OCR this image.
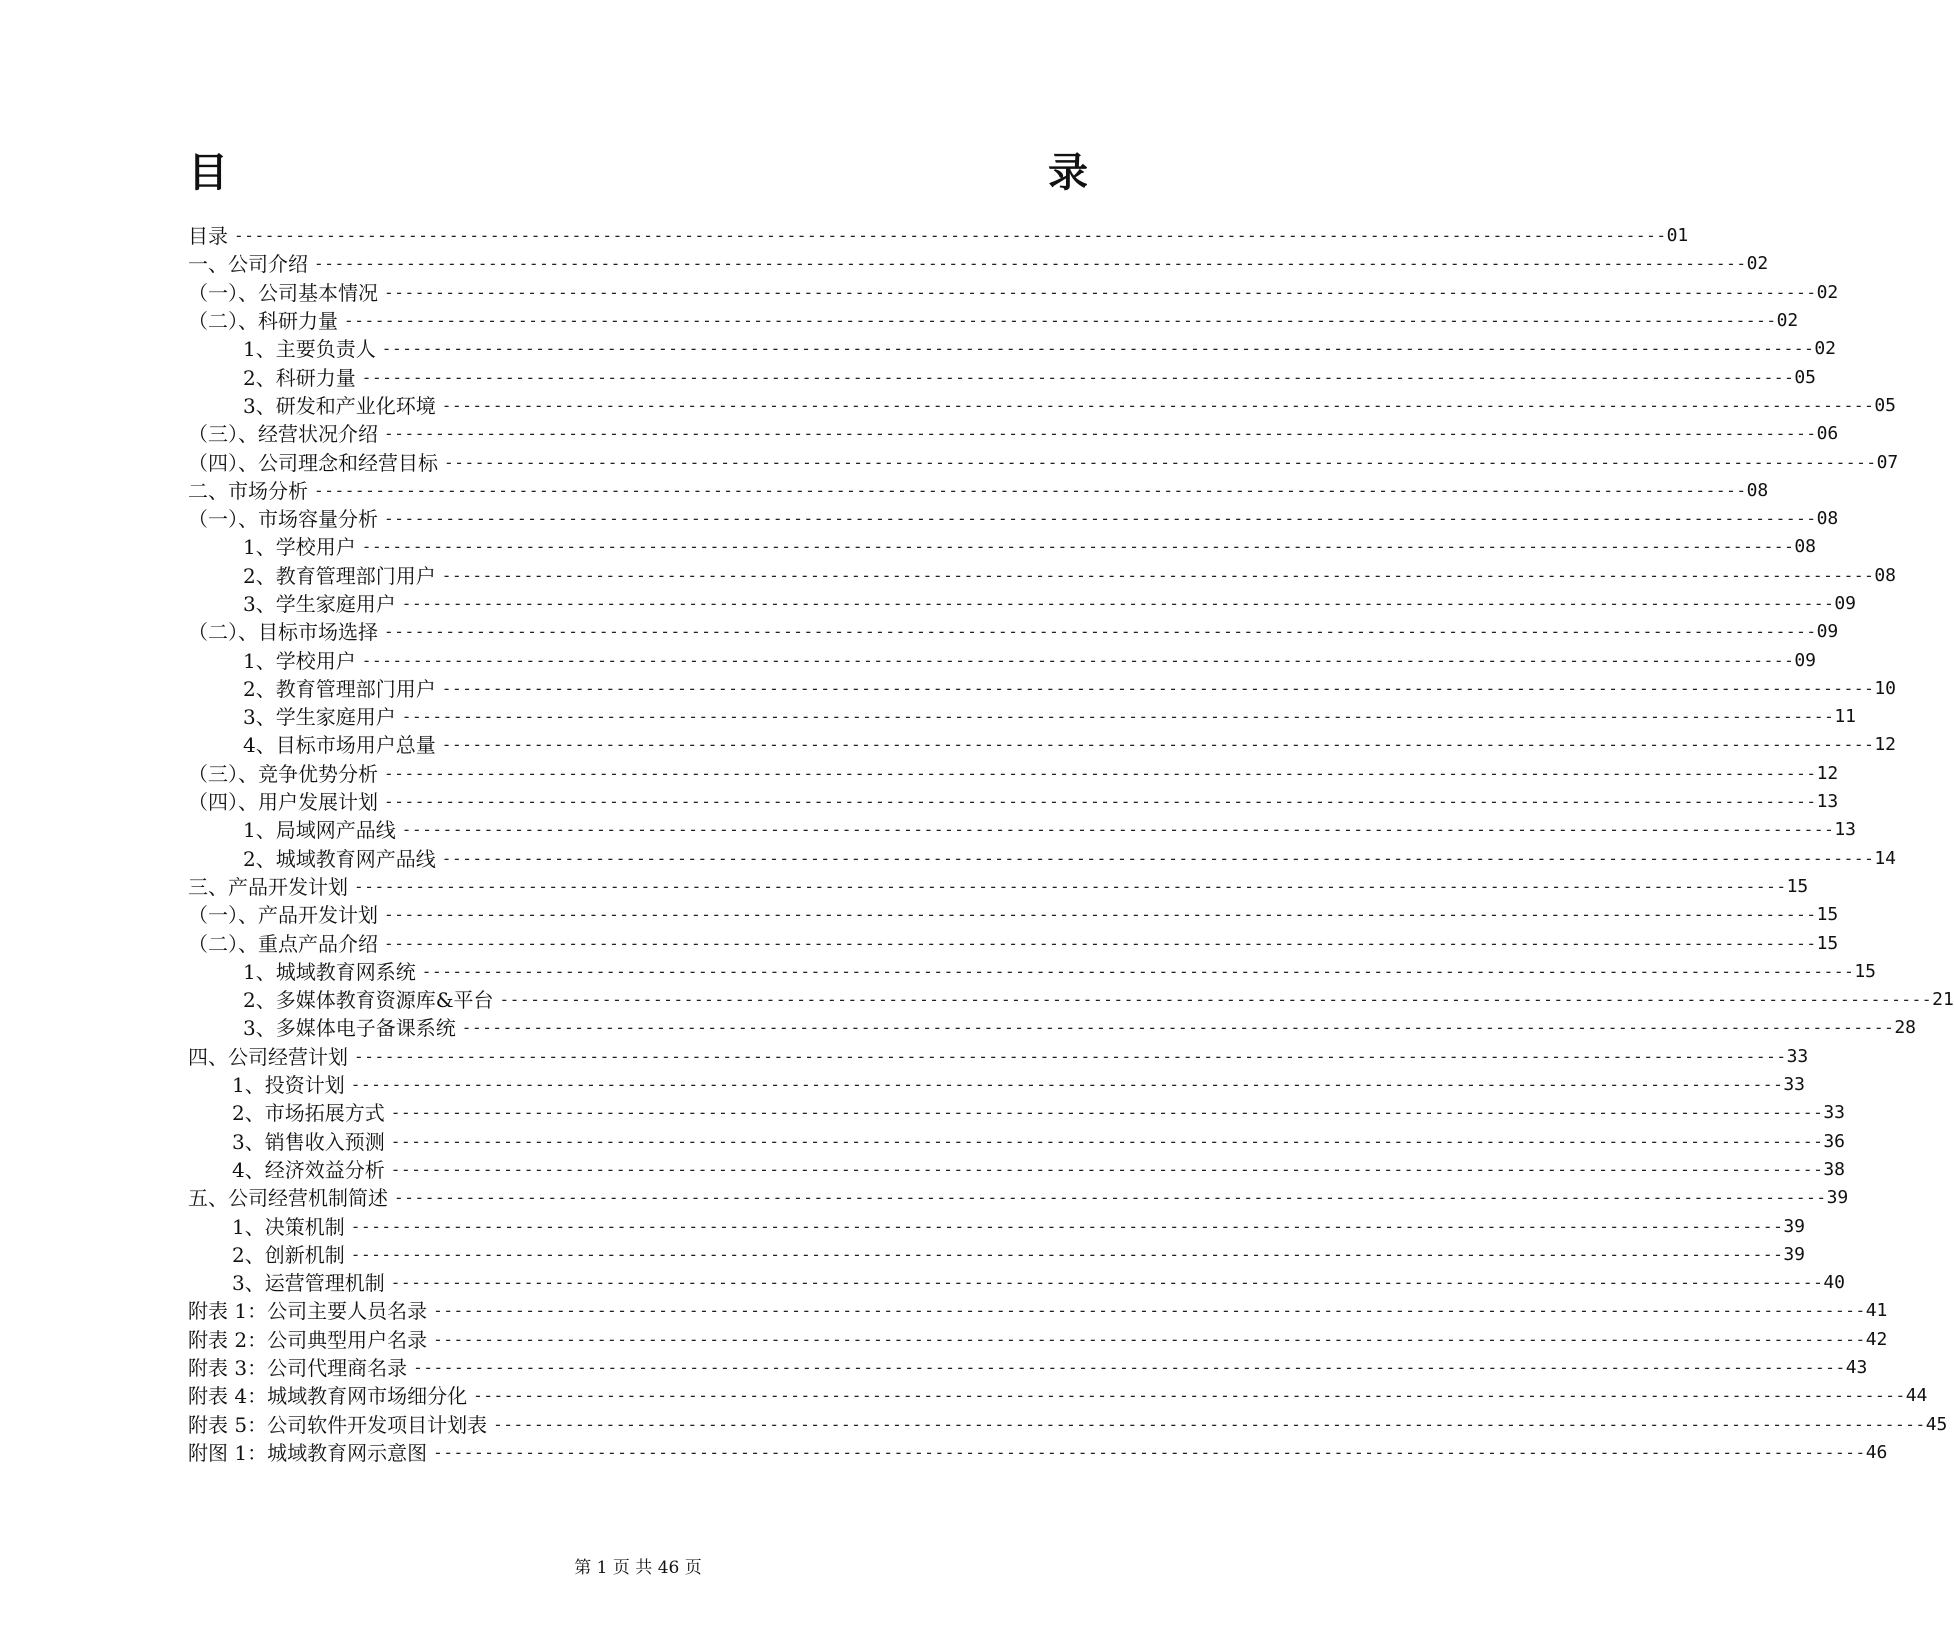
目　　　　录
目录 -------------------------------------------------------------------------------------------------------------------------------------------- 01
一、公司介绍 -------------------------------------------------------------------------------------------------------------------------------------------- 02
（一）、公司基本情况 -------------------------------------------------------------------------------------------------------------------------------------------- 02
（二）、科研力量 -------------------------------------------------------------------------------------------------------------------------------------------- 02
1、主要负责人 -------------------------------------------------------------------------------------------------------------------------------------------- 02
2、科研力量 -------------------------------------------------------------------------------------------------------------------------------------------- 05
3、研发和产业化环境 -------------------------------------------------------------------------------------------------------------------------------------------- 05
（三）、经营状况介绍 -------------------------------------------------------------------------------------------------------------------------------------------- 06
（四）、公司理念和经营目标 -------------------------------------------------------------------------------------------------------------------------------------------- 07
二、市场分析 -------------------------------------------------------------------------------------------------------------------------------------------- 08
（一）、市场容量分析 -------------------------------------------------------------------------------------------------------------------------------------------- 08
1、学校用户 -------------------------------------------------------------------------------------------------------------------------------------------- 08
2、教育管理部门用户 -------------------------------------------------------------------------------------------------------------------------------------------- 08
3、学生家庭用户 -------------------------------------------------------------------------------------------------------------------------------------------- 09
（二）、目标市场选择 -------------------------------------------------------------------------------------------------------------------------------------------- 09
1、学校用户 -------------------------------------------------------------------------------------------------------------------------------------------- 09
2、教育管理部门用户 -------------------------------------------------------------------------------------------------------------------------------------------- 10
3、学生家庭用户 -------------------------------------------------------------------------------------------------------------------------------------------- 11
4、目标市场用户总量 -------------------------------------------------------------------------------------------------------------------------------------------- 12
（三）、竞争优势分析 -------------------------------------------------------------------------------------------------------------------------------------------- 12
（四）、用户发展计划 -------------------------------------------------------------------------------------------------------------------------------------------- 13
1、局域网产品线 -------------------------------------------------------------------------------------------------------------------------------------------- 13
2、城域教育网产品线 -------------------------------------------------------------------------------------------------------------------------------------------- 14
三、产品开发计划 -------------------------------------------------------------------------------------------------------------------------------------------- 15
（一）、产品开发计划 -------------------------------------------------------------------------------------------------------------------------------------------- 15
（二）、重点产品介绍 -------------------------------------------------------------------------------------------------------------------------------------------- 15
1、城域教育网系统 -------------------------------------------------------------------------------------------------------------------------------------------- 15
2、多媒体教育资源库&平台 -------------------------------------------------------------------------------------------------------------------------------------------- 21
3、多媒体电子备课系统 -------------------------------------------------------------------------------------------------------------------------------------------- 28
四、公司经营计划 -------------------------------------------------------------------------------------------------------------------------------------------- 33
1、投资计划 -------------------------------------------------------------------------------------------------------------------------------------------- 33
2、市场拓展方式 -------------------------------------------------------------------------------------------------------------------------------------------- 33
3、销售收入预测 -------------------------------------------------------------------------------------------------------------------------------------------- 36
4、经济效益分析 -------------------------------------------------------------------------------------------------------------------------------------------- 38
五、公司经营机制简述 -------------------------------------------------------------------------------------------------------------------------------------------- 39
1、决策机制 -------------------------------------------------------------------------------------------------------------------------------------------- 39
2、创新机制 -------------------------------------------------------------------------------------------------------------------------------------------- 39
3、运营管理机制 -------------------------------------------------------------------------------------------------------------------------------------------- 40
附表 1：公司主要人员名录 -------------------------------------------------------------------------------------------------------------------------------------------- 41
附表 2：公司典型用户名录 -------------------------------------------------------------------------------------------------------------------------------------------- 42
附表 3：公司代理商名录 -------------------------------------------------------------------------------------------------------------------------------------------- 43
附表 4：城域教育网市场细分化 -------------------------------------------------------------------------------------------------------------------------------------------- 44
附表 5：公司软件开发项目计划表 -------------------------------------------------------------------------------------------------------------------------------------------- 45
附图 1：城域教育网示意图 -------------------------------------------------------------------------------------------------------------------------------------------- 46

第 1 页 共 46 页
